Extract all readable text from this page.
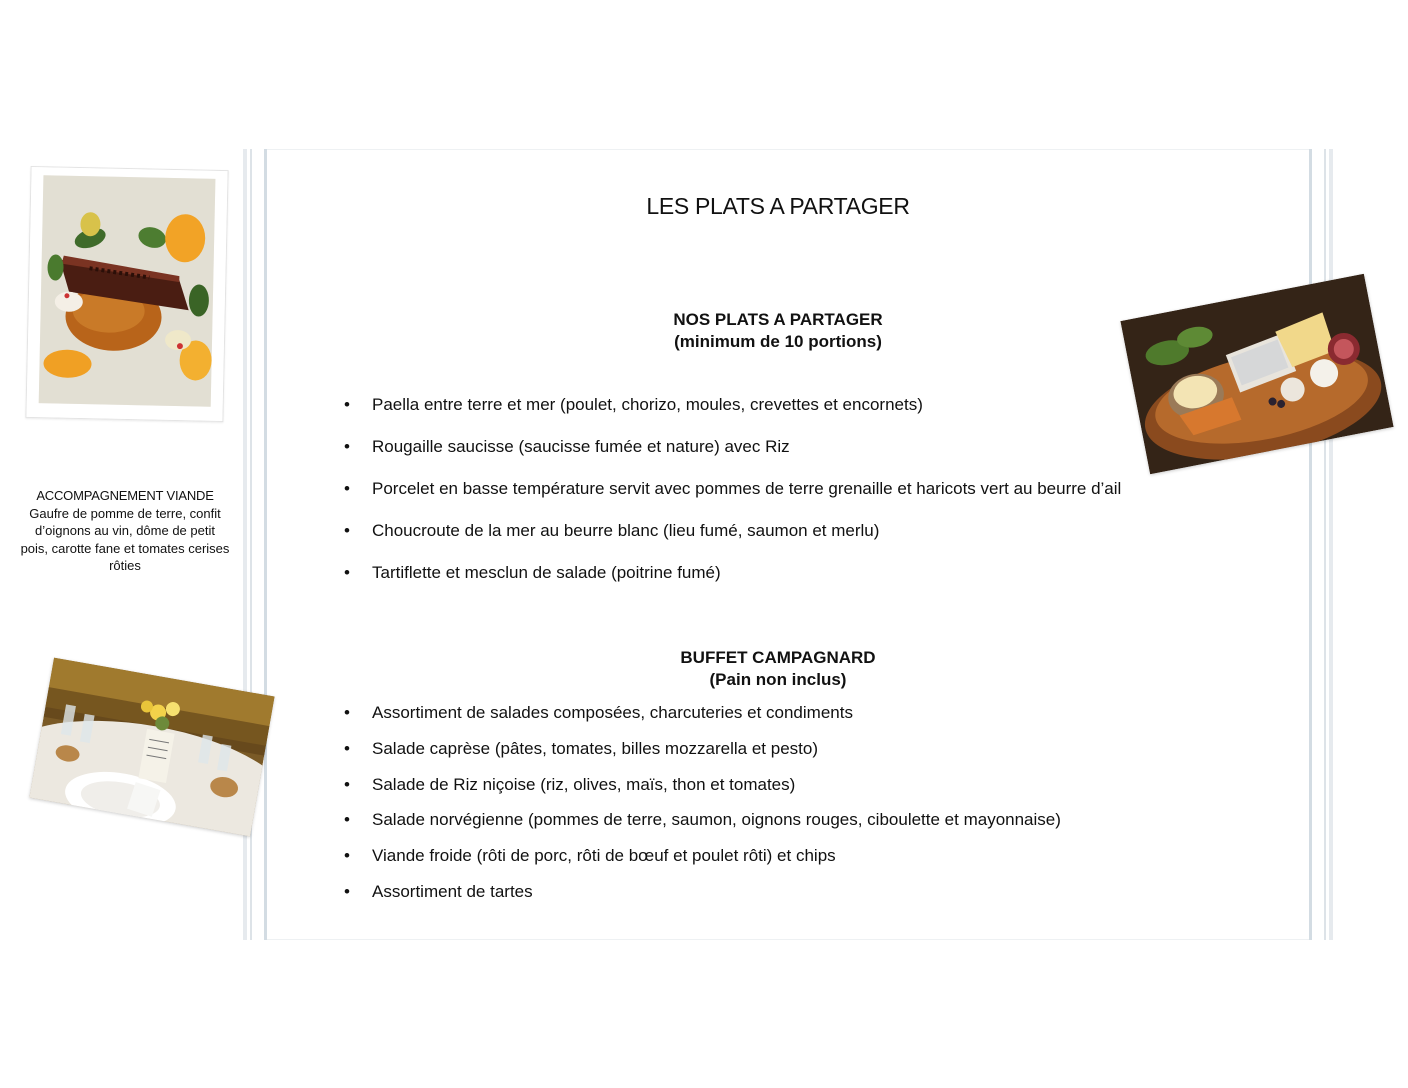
LES PLATS A PARTAGER
NOS PLATS A PARTAGER
(minimum de 10 portions)
• Paella entre terre et mer (poulet, chorizo, moules, crevettes et encornets)
• Rougaille saucisse (saucisse fumée et nature) avec Riz
• Porcelet en basse température servit avec pommes de terre grenaille et haricots vert au beurre d’ail
• Choucroute de la mer au beurre blanc (lieu fumé, saumon et merlu)
• Tartiflette et mesclun de salade (poitrine fumé)
BUFFET CAMPAGNARD
(Pain non inclus)
• Assortiment de salades composées, charcuteries et condiments
• Salade caprèse (pâtes, tomates, billes mozzarella et pesto)
• Salade de Riz niçoise (riz, olives, maïs, thon et tomates)
• Salade norvégienne (pommes de terre, saumon, oignons rouges, ciboulette et mayonnaise)
• Viande froide (rôti de porc, rôti de bœuf et poulet rôti) et chips
• Assortiment de tartes
ACCOMPAGNEMENT VIANDE
Gaufre de pomme de terre, confit d’oignons au vin, dôme de petit pois, carotte fane et tomates cerises rôties
